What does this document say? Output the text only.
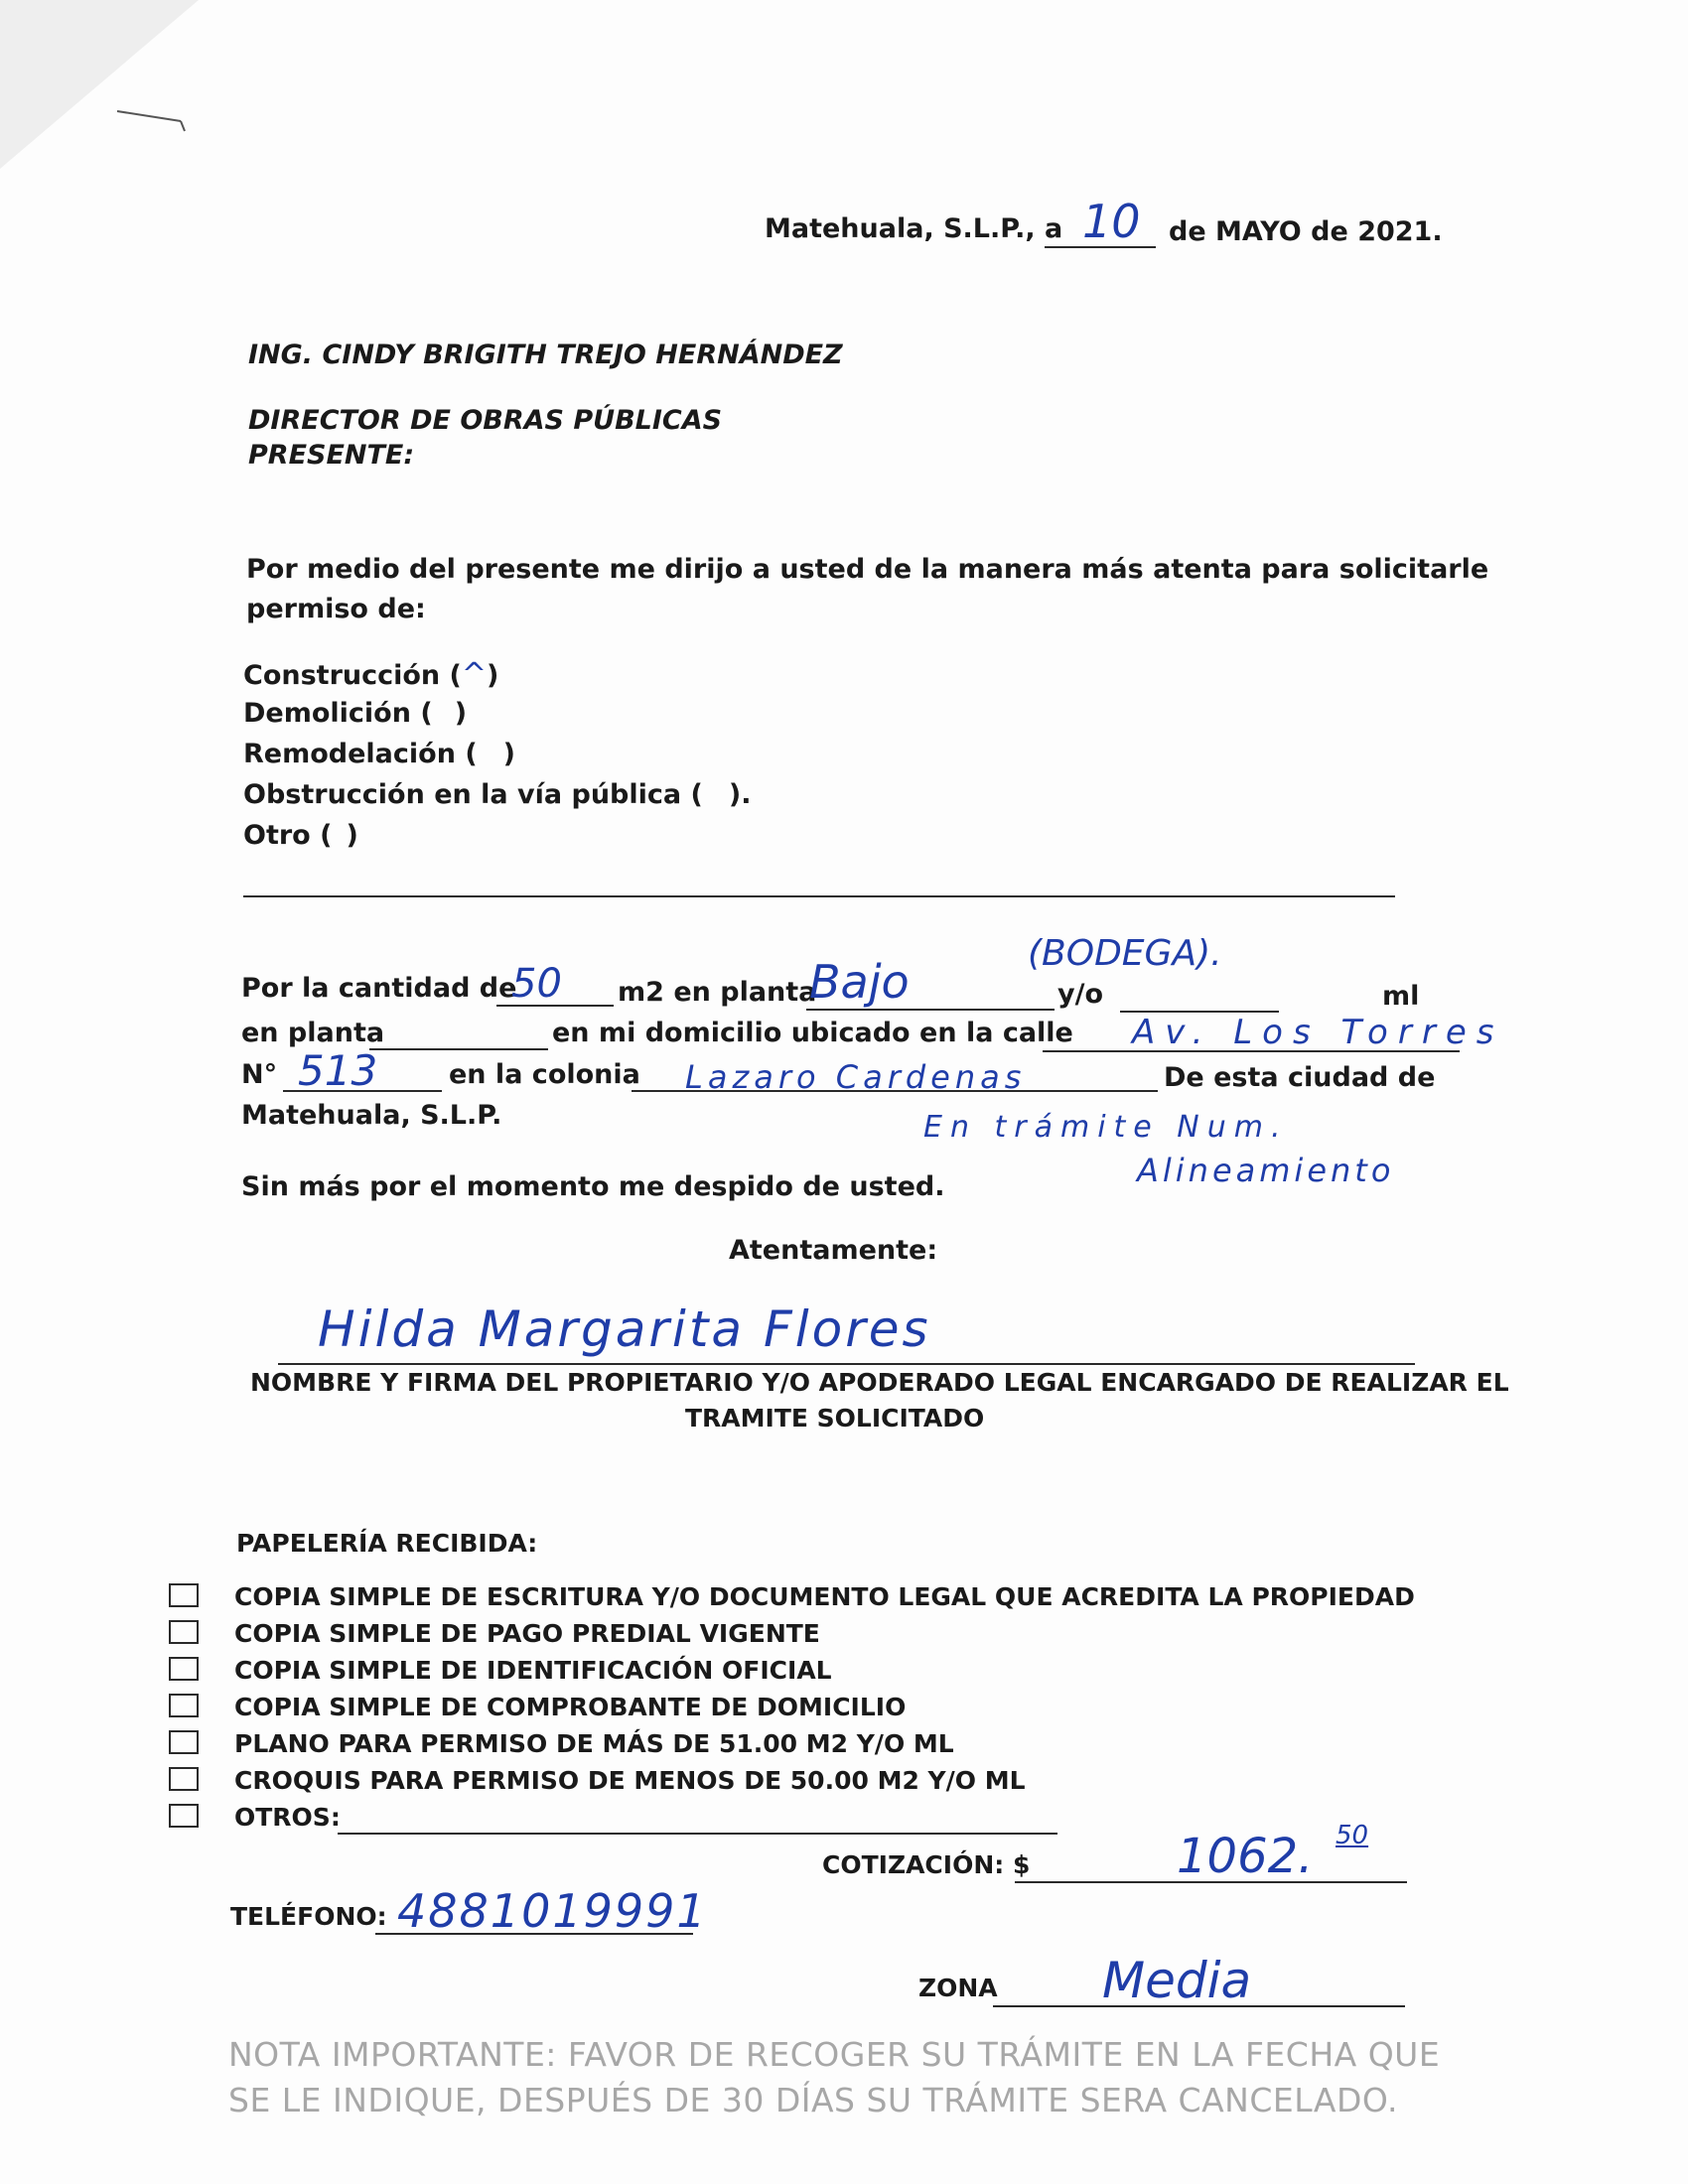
Matehuala, S.L.P., a 10 de MAYO de 2021.
ING. CINDY BRIGITH TREJO HERNÁNDEZ
DIRECTOR DE OBRAS PÚBLICAS
PRESENTE:
Por medio del presente me dirijo a usted de la manera más atenta para solicitarle
permiso de:
Construcción (^)
Demolición ( )
Remodelación ( )
Obstrucción en la vía pública ( ).
Otro ( )
(BODEGA).
Por la cantidad de
50 m2 en planta
Bajo	y/o	ml
en planta	en mi domicilio ubicado en la calle Av. Los Torres
N° 513	en la colonia Lazaro Cardenas	De esta ciudad de
Matehuala, S.L.P.	En trámite Num.
Alineamiento
Sin más por el momento me despido de usted.
Atentamente:
Hilda Margarita Flores
NOMBRE Y FIRMA DEL PROPIETARIO Y/O APODERADO LEGAL ENCARGADO DE REALIZAR EL
TRAMITE SOLICITADO
PAPELERÍA RECIBIDA:
COPIA SIMPLE DE ESCRITURA Y/O DOCUMENTO LEGAL QUE ACREDITA LA PROPIEDAD
COPIA SIMPLE DE PAGO PREDIAL VIGENTE
COPIA SIMPLE DE IDENTIFICACIÓN OFICIAL
COPIA SIMPLE DE COMPROBANTE DE DOMICILIO
PLANO PARA PERMISO DE MÁS DE 51.00 M2 Y/O ML
CROQUIS PARA PERMISO DE MENOS DE 50.00 M2 Y/O ML
OTROS:
COTIZACIÓN: $	1062. 50
TELÉFONO: 4881019991
ZONA Media
NOTA IMPORTANTE: FAVOR DE RECOGER SU TRÁMITE EN LA FECHA QUE
SE LE INDIQUE, DESPUÉS DE 30 DÍAS SU TRÁMITE SERA CANCELADO.
